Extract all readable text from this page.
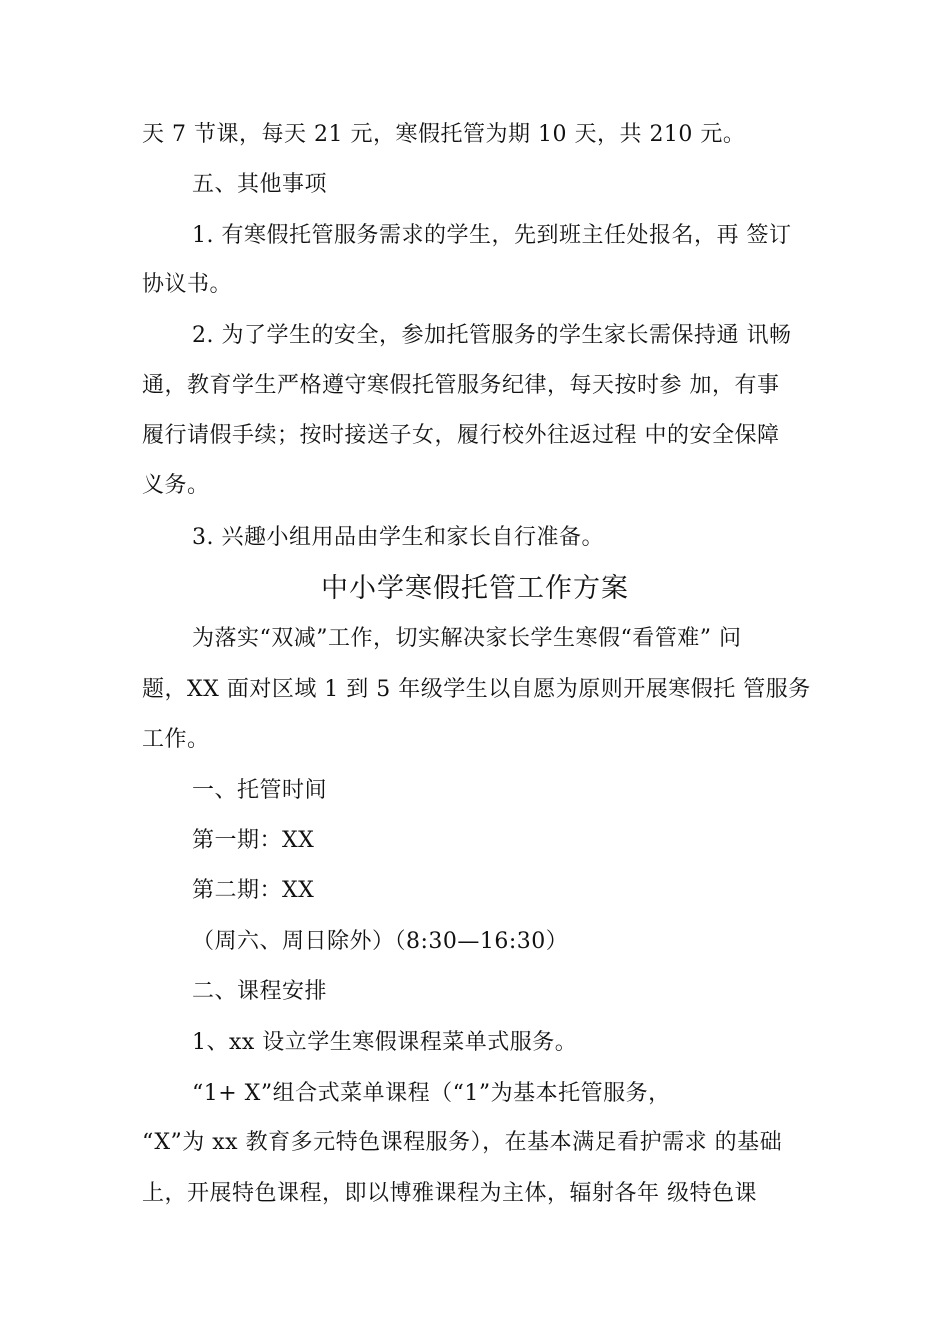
天 7 节课，每天 21 元，寒假托管为期 10 天，共 210 元。
五、其他事项
1. 有寒假托管服务需求的学生，先到班主任处报名，再 签订
协议书。
2. 为了学生的安全，参加托管服务的学生家长需保持通 讯畅
通，教育学生严格遵守寒假托管服务纪律，每天按时参 加，有事
履行请假手续；按时接送子女，履行校外往返过程 中的安全保障
义务。
3. 兴趣小组用品由学生和家长自行准备。
中小学寒假托管工作方案
为落实“双减”工作，切实解决家长学生寒假“看管难” 问
题，XX 面对区域 1 到 5 年级学生以自愿为原则开展寒假托 管服务
工作。
一、托管时间
第一期：XX
第二期：XX
（周六、周日除外）（8:30—16:30）
二、课程安排
1、xx 设立学生寒假课程菜单式服务。
“1+ X”组合式菜单课程（“1”为基本托管服务，
“X”为 xx 教育多元特色课程服务），在基本满足看护需求 的基础
上，开展特色课程，即以博雅课程为主体，辐射各年 级特色课
